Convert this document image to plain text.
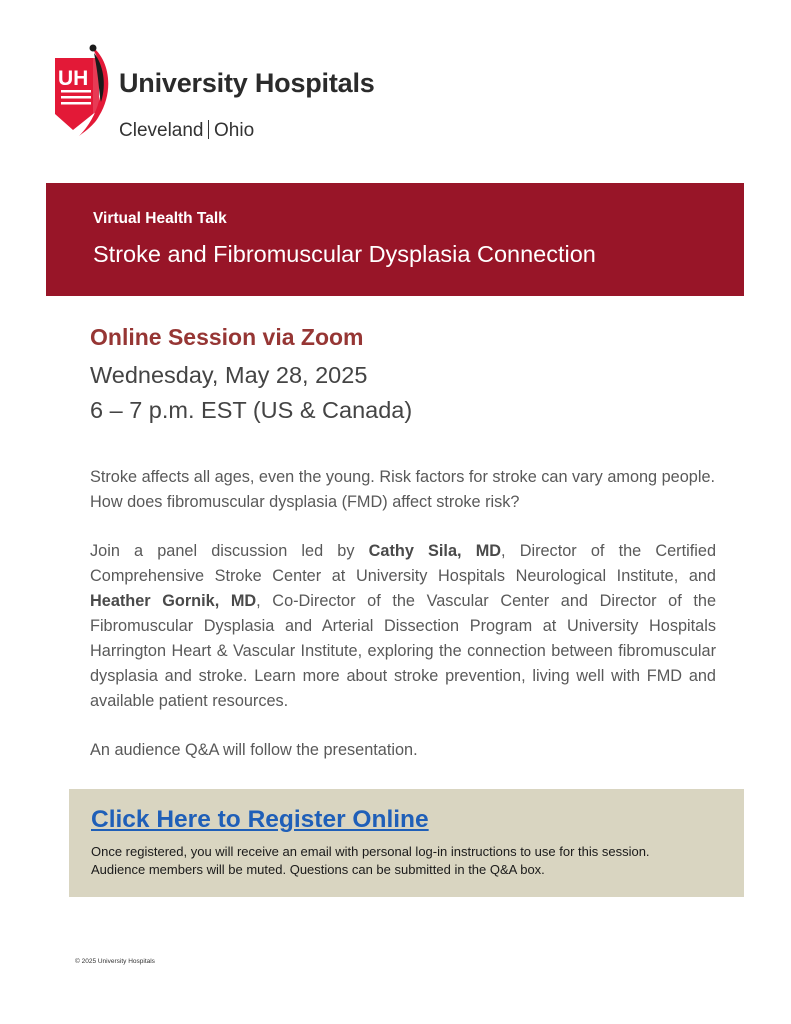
UH University Hospitals
Cleveland Ohio
Virtual Health Talk
Stroke and Fibromuscular Dysplasia Connection
Online Session via Zoom
Wednesday, May 28, 2025
6 – 7 p.m. EST (US & Canada)
Stroke affects all ages, even the young. Risk factors for stroke can vary among people. How does fibromuscular dysplasia (FMD) affect stroke risk?
Join a panel discussion led by Cathy Sila, MD, Director of the Certified Comprehensive Stroke Center at University Hospitals Neurological Institute, and Heather Gornik, MD, Co-Director of the Vascular Center and Director of the Fibromuscular Dysplasia and Arterial Dissection Program at University Hospitals Harrington Heart & Vascular Institute, exploring the connection between fibromuscular dysplasia and stroke. Learn more about stroke prevention, living well with FMD and available patient resources.
An audience Q&A will follow the presentation.
Click Here to Register Online
Once registered, you will receive an email with personal log-in instructions to use for this session.
Audience members will be muted. Questions can be submitted in the Q&A box.
© 2025 University Hospitals
